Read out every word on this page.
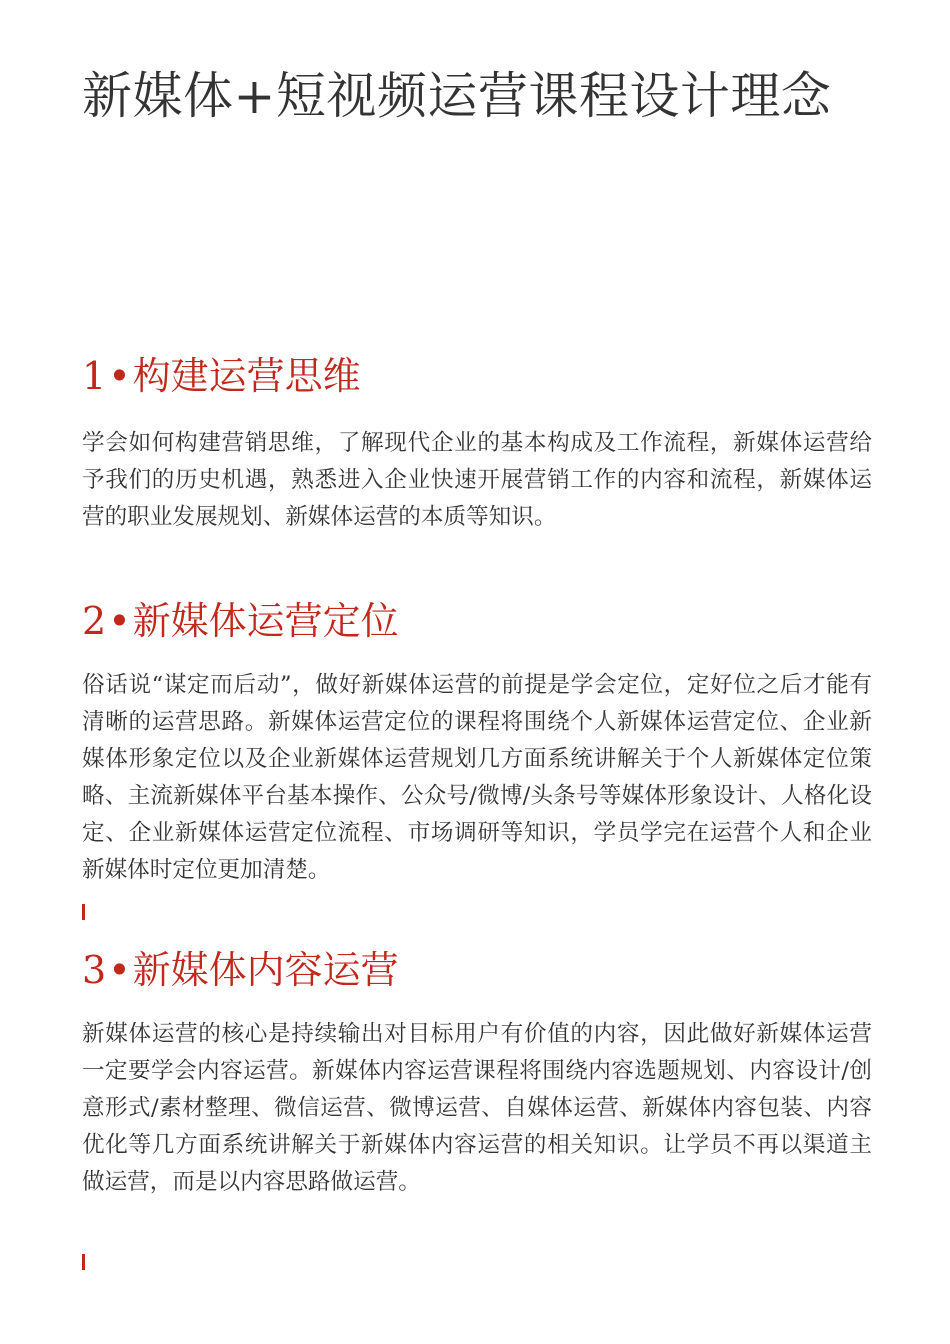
新媒体+短视频运营课程设计理念
1•构建运营思维

学会如何构建营销思维，了解现代企业的基本构成及工作流程，新媒体运营给予我们的历史机遇，熟悉进入企业快速开展营销工作的内容和流程，新媒体运营的职业发展规划、新媒体运营的本质等知识。

2•新媒体运营定位

俗话说“谋定而后动”，做好新媒体运营的前提是学会定位，定好位之后才能有清晰的运营思路。新媒体运营定位的课程将围绕个人新媒体运营定位、企业新媒体形象定位以及企业新媒体运营规划几方面系统讲解关于个人新媒体定位策略、主流新媒体平台基本操作、公众号/微博/头条号等媒体形象设计、人格化设定、企业新媒体运营定位流程、市场调研等知识，学员学完在运营个人和企业新媒体时定位更加清楚。

3•新媒体内容运营

新媒体运营的核心是持续输出对目标用户有价值的内容，因此做好新媒体运营一定要学会内容运营。新媒体内容运营课程将围绕内容选题规划、内容设计/创意形式/素材整理、微信运营、微博运营、自媒体运营、新媒体内容包装、内容优化等几方面系统讲解关于新媒体内容运营的相关知识。让学员不再以渠道主做运营，而是以内容思路做运营。
